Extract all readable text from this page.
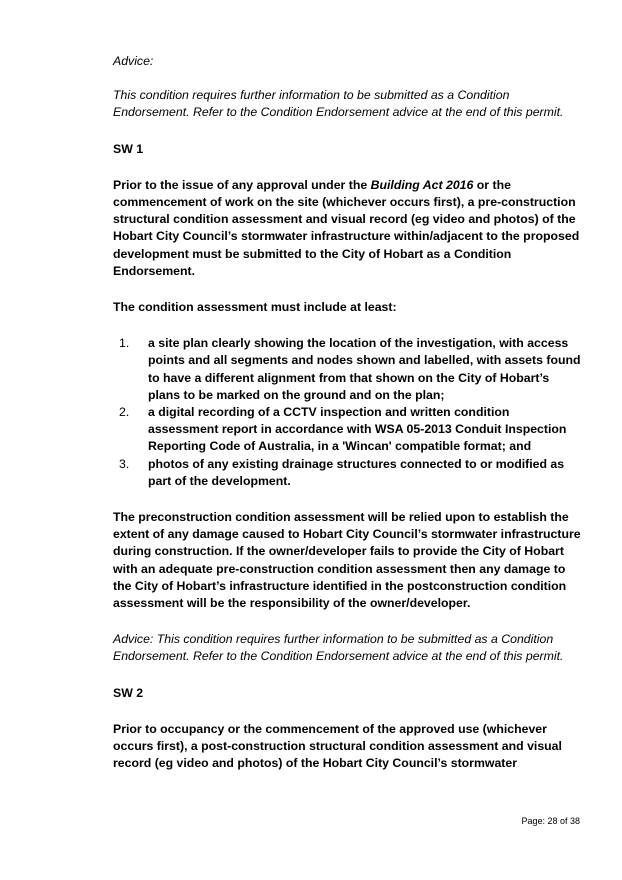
Advice:

This condition requires further information to be submitted as a Condition Endorsement. Refer to the Condition Endorsement advice at the end of this permit.

SW 1

Prior to the issue of any approval under the Building Act 2016 or the commencement of work on the site (whichever occurs first), a pre-construction structural condition assessment and visual record (eg video and photos) of the Hobart City Council’s stormwater infrastructure within/adjacent to the proposed development must be submitted to the City of Hobart as a Condition Endorsement.

The condition assessment must include at least:

1. a site plan clearly showing the location of the investigation, with access points and all segments and nodes shown and labelled, with assets found to have a different alignment from that shown on the City of Hobart’s plans to be marked on the ground and on the plan;
2. a digital recording of a CCTV inspection and written condition assessment report in accordance with WSA 05-2013 Conduit Inspection Reporting Code of Australia, in a 'Wincan' compatible format; and
3. photos of any existing drainage structures connected to or modified as part of the development.

The preconstruction condition assessment will be relied upon to establish the extent of any damage caused to Hobart City Council’s stormwater infrastructure during construction. If the owner/developer fails to provide the City of Hobart with an adequate pre-construction condition assessment then any damage to the City of Hobart’s infrastructure identified in the postconstruction condition assessment will be the responsibility of the owner/developer.

Advice: This condition requires further information to be submitted as a Condition Endorsement. Refer to the Condition Endorsement advice at the end of this permit.

SW 2

Prior to occupancy or the commencement of the approved use (whichever occurs first), a post-construction structural condition assessment and visual record (eg video and photos) of the Hobart City Council’s stormwater

Page: 28 of 38
